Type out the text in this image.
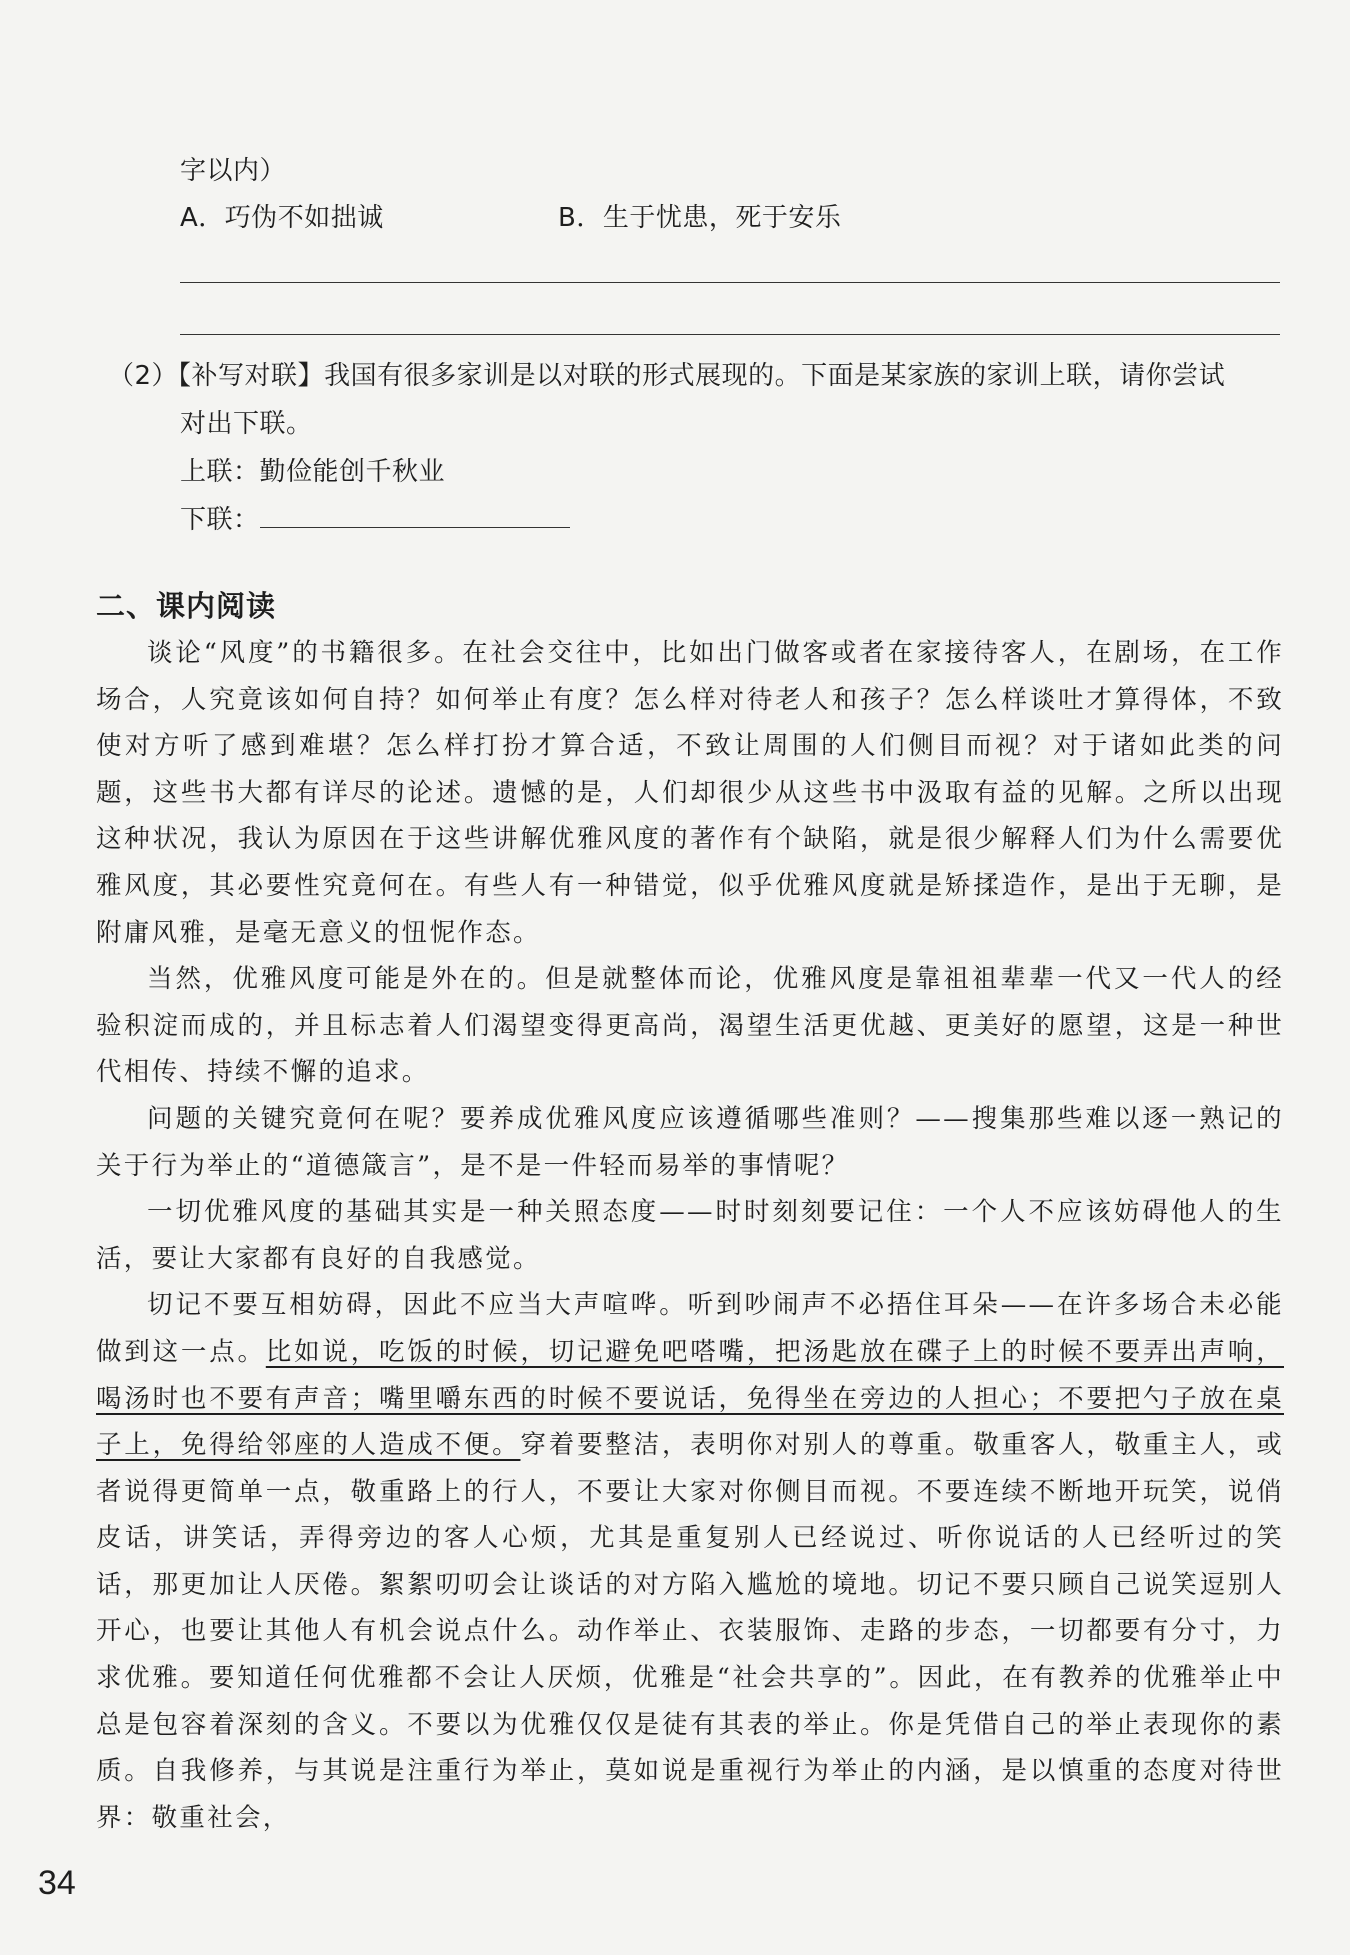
字以内）
A．巧伪不如拙诚	B．生于忧患，死于安乐
（2）【补写对联】我国有很多家训是以对联的形式展现的。下面是某家族的家训上联，请你尝试
对出下联。
上联：勤俭能创千秋业
下联：
二、课内阅读

谈论“风度”的书籍很多。在社会交往中，比如出门做客或者在家接待客人，在剧场，在工作场合，人究竟该如何自持？如何举止有度？怎么样对待老人和孩子？怎么样谈吐才算得体，不致使对方听了感到难堪？怎么样打扮才算合适，不致让周围的人们侧目而视？对于诸如此类的问题，这些书大都有详尽的论述。遗憾的是，人们却很少从这些书中汲取有益的见解。之所以出现这种状况，我认为原因在于这些讲解优雅风度的著作有个缺陷，就是很少解释人们为什么需要优雅风度，其必要性究竟何在。有些人有一种错觉，似乎优雅风度就是矫揉造作，是出于无聊，是附庸风雅，是毫无意义的忸怩作态。

当然，优雅风度可能是外在的。但是就整体而论，优雅风度是靠祖祖辈辈一代又一代人的经验积淀而成的，并且标志着人们渴望变得更高尚，渴望生活更优越、更美好的愿望，这是一种世代相传、持续不懈的追求。

问题的关键究竟何在呢？要养成优雅风度应该遵循哪些准则？——搜集那些难以逐一熟记的关于行为举止的“道德箴言”，是不是一件轻而易举的事情呢？

一切优雅风度的基础其实是一种关照态度——时时刻刻要记住：一个人不应该妨碍他人的生活，要让大家都有良好的自我感觉。

切记不要互相妨碍，因此不应当大声喧哗。听到吵闹声不必捂住耳朵——在许多场合未必能做到这一点。比如说，吃饭的时候，切记避免吧嗒嘴，把汤匙放在碟子上的时候不要弄出声响，喝汤时也不要有声音；嘴里嚼东西的时候不要说话，免得坐在旁边的人担心；不要把勺子放在桌子上，免得给邻座的人造成不便。穿着要整洁，表明你对别人的尊重。敬重客人，敬重主人，或者说得更简单一点，敬重路上的行人，不要让大家对你侧目而视。不要连续不断地开玩笑，说俏皮话，讲笑话，弄得旁边的客人心烦，尤其是重复别人已经说过、听你说话的人已经听过的笑话，那更加让人厌倦。絮絮叨叨会让谈话的对方陷入尴尬的境地。切记不要只顾自己说笑逗别人开心，也要让其他人有机会说点什么。动作举止、衣装服饰、走路的步态，一切都要有分寸，力求优雅。要知道任何优雅都不会让人厌烦，优雅是“社会共享的”。因此，在有教养的优雅举止中总是包容着深刻的含义。不要以为优雅仅仅是徒有其表的举止。你是凭借自己的举止表现你的素质。自我修养，与其说是注重行为举止，莫如说是重视行为举止的内涵，是以慎重的态度对待世界：敬重社会，

34
